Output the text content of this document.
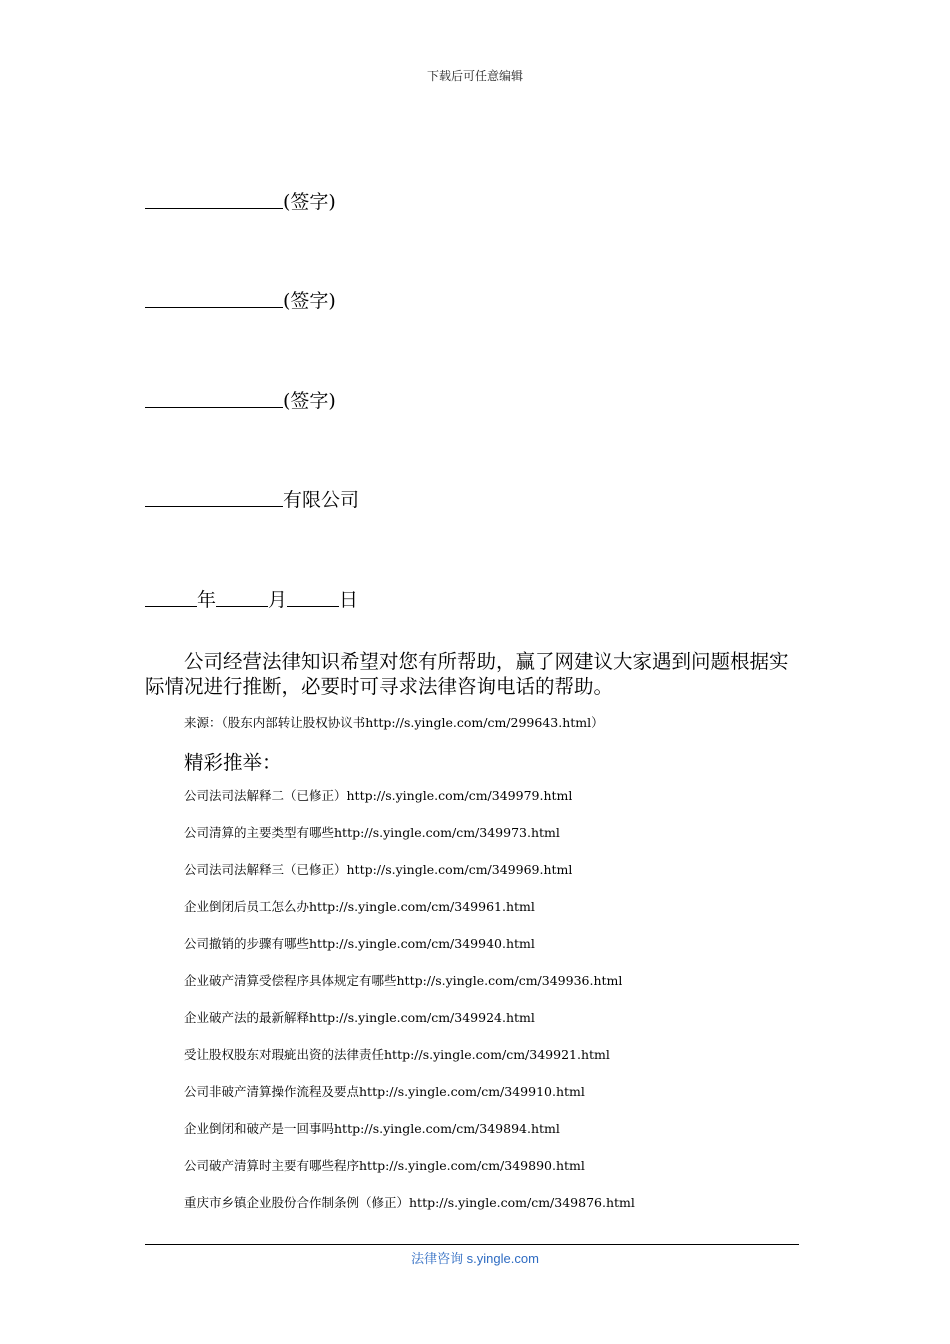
下载后可任意编辑
(签字)
(签字)
(签字)
有限公司
年	月	日

公司经营法律知识希望对您有所帮助，赢了网建议大家遇到问题根据实际情况进行推断，必要时可寻求法律咨询电话的帮助。

来源：（股东内部转让股权协议书http://s.yingle.com/cm/299643.html）
精彩推举：
公司法司法解释二（已修正）http://s.yingle.com/cm/349979.html
公司清算的主要类型有哪些http://s.yingle.com/cm/349973.html
公司法司法解释三（已修正）http://s.yingle.com/cm/349969.html
企业倒闭后员工怎么办http://s.yingle.com/cm/349961.html
公司撤销的步骤有哪些http://s.yingle.com/cm/349940.html
企业破产清算受偿程序具体规定有哪些http://s.yingle.com/cm/349936.html
企业破产法的最新解释http://s.yingle.com/cm/349924.html
受让股权股东对瑕疵出资的法律责任http://s.yingle.com/cm/349921.html
公司非破产清算操作流程及要点http://s.yingle.com/cm/349910.html
企业倒闭和破产是一回事吗http://s.yingle.com/cm/349894.html
公司破产清算时主要有哪些程序http://s.yingle.com/cm/349890.html
重庆市乡镇企业股份合作制条例（修正）http://s.yingle.com/cm/349876.html
法律咨询 s.yingle.com
